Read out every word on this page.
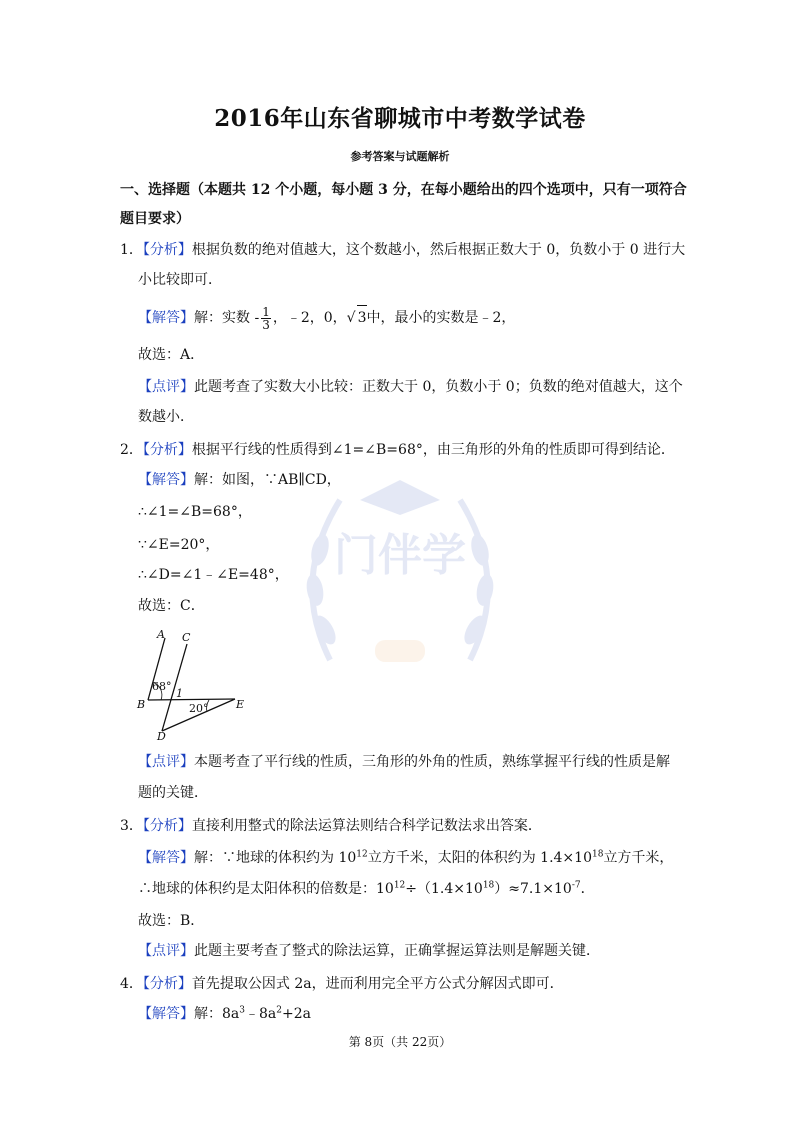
门伴学
2016年山东省聊城市中考数学试卷
参考答案与试题解析
一、选择题（本题共 12 个小题，每小题 3 分，在每小题给出的四个选项中，只有一项符合
题目要求）
1．【分析】根据负数的绝对值越大，这个数越小，然后根据正数大于 0，负数小于 0 进行大
小比较即可．
【解答】解：实数 - $\frac{1}{3}$ ，﹣2，0，√ 3中，最小的实数是﹣2，
故选：A．
【点评】此题考查了实数大小比较：正数大于 0，负数小于 0；负数的绝对值越大，这个
数越小．
2．【分析】根据平行线的性质得到∠1=∠B=68°，由三角形的外角的性质即可得到结论．
【解答】解：如图，∵AB∥CD，
∴∠1=∠B=68°，
∵∠E=20°，
∴∠D=∠1﹣∠E=48°，
故选：C．
A C
B	E
D
1
68°
20°
【点评】本题考查了平行线的性质，三角形的外角的性质，熟练掌握平行线的性质是解
题的关键．
3．【分析】直接利用整式的除法运算法则结合科学记数法求出答案．
【解答】解：∵地球的体积约为 $10^{12}$立方千米，太阳的体积约为 $1.4\times 10^{18}$立方千米，
∴地球的体积约是太阳体积的倍数是：$10^{12}\div(1.4\times 10^{18})\approx 7.1\times 10^{-7}$．
故选：B．
【点评】此题主要考查了整式的除法运算，正确掌握运算法则是解题关键．
4．【分析】首先提取公因式 2a，进而利用完全平方公式分解因式即可．
【解答】解：$8a^3﹣8a^2+2a$
第 8页（共 22页）
